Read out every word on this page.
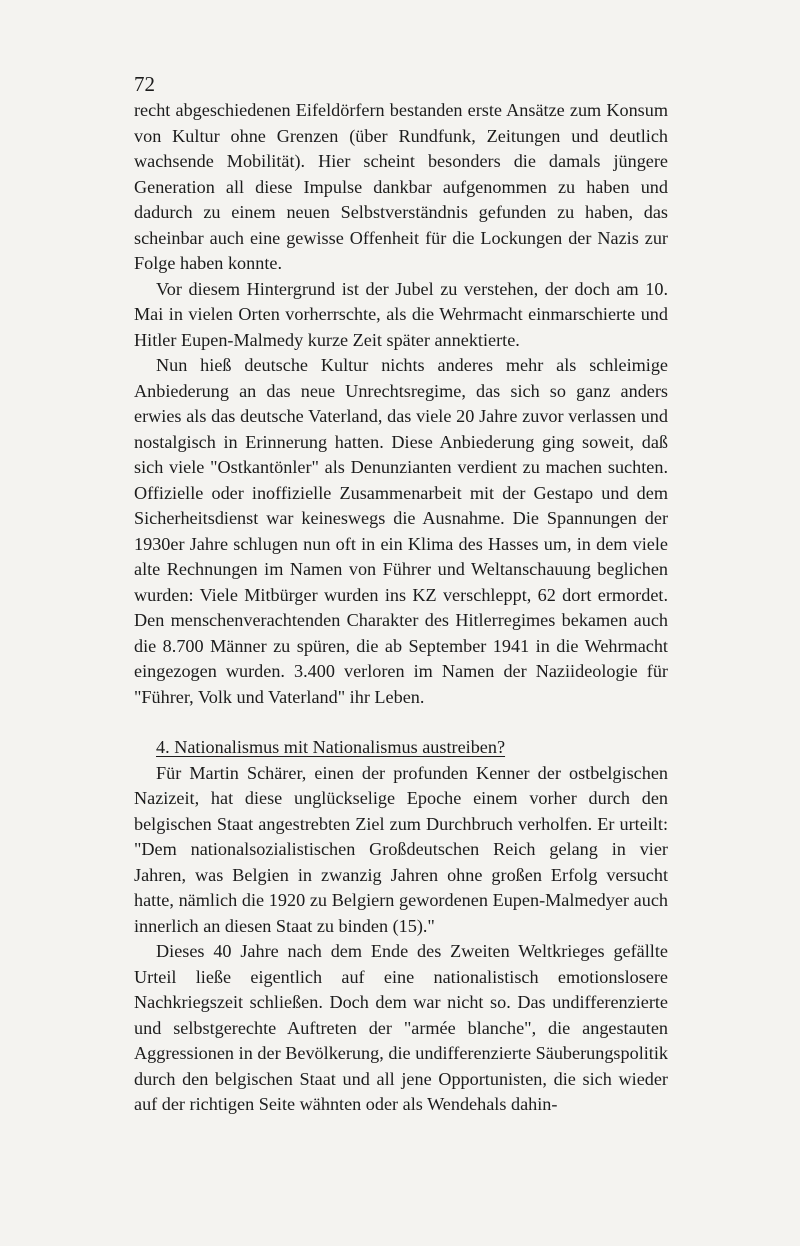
72

recht abgeschiedenen Eifeldörfern bestanden erste Ansätze zum Konsum von Kultur ohne Grenzen (über Rundfunk, Zeitungen und deutlich wachsende Mobilität). Hier scheint besonders die damals jüngere Generation all diese Impulse dankbar aufgenommen zu haben und dadurch zu einem neuen Selbstverständnis gefunden zu haben, das scheinbar auch eine gewisse Offenheit für die Lockungen der Nazis zur Folge haben konnte.

Vor diesem Hintergrund ist der Jubel zu verstehen, der doch am 10. Mai in vielen Orten vorherrschte, als die Wehrmacht einmarschierte und Hitler Eupen-Malmedy kurze Zeit später annektierte.

Nun hieß deutsche Kultur nichts anderes mehr als schleimige Anbiederung an das neue Unrechtsregime, das sich so ganz anders erwies als das deutsche Vaterland, das viele 20 Jahre zuvor verlassen und nostalgisch in Erinnerung hatten. Diese Anbiederung ging soweit, daß sich viele "Ostkantönler" als Denunzianten verdient zu machen suchten. Offizielle oder inoffizielle Zusammenarbeit mit der Gestapo und dem Sicherheitsdienst war keineswegs die Ausnahme. Die Spannungen der 1930er Jahre schlugen nun oft in ein Klima des Hasses um, in dem viele alte Rechnungen im Namen von Führer und Weltanschauung beglichen wurden: Viele Mitbürger wurden ins KZ verschleppt, 62 dort ermordet. Den menschenverachtenden Charakter des Hitlerregimes bekamen auch die 8.700 Männer zu spüren, die ab September 1941 in die Wehrmacht eingezogen wurden. 3.400 verloren im Namen der Naziideologie für "Führer, Volk und Vaterland" ihr Leben.

4. Nationalismus mit Nationalismus austreiben?

Für Martin Schärer, einen der profunden Kenner der ostbelgischen Nazizeit, hat diese unglückselige Epoche einem vorher durch den belgischen Staat angestrebten Ziel zum Durchbruch verholfen. Er urteilt: "Dem nationalsozialistischen Großdeutschen Reich gelang in vier Jahren, was Belgien in zwanzig Jahren ohne großen Erfolg versucht hatte, nämlich die 1920 zu Belgiern gewordenen Eupen-Malmedyer auch innerlich an diesen Staat zu binden (15)."

Dieses 40 Jahre nach dem Ende des Zweiten Weltkrieges gefällte Urteil ließe eigentlich auf eine nationalistisch emotionslosere Nachkriegszeit schließen. Doch dem war nicht so. Das undifferenzierte und selbstgerechte Auftreten der "armée blanche", die angestauten Aggressionen in der Bevölkerung, die undifferenzierte Säuberungspolitik durch den belgischen Staat und all jene Opportunisten, die sich wieder auf der richtigen Seite wähnten oder als Wendehals dahin-
